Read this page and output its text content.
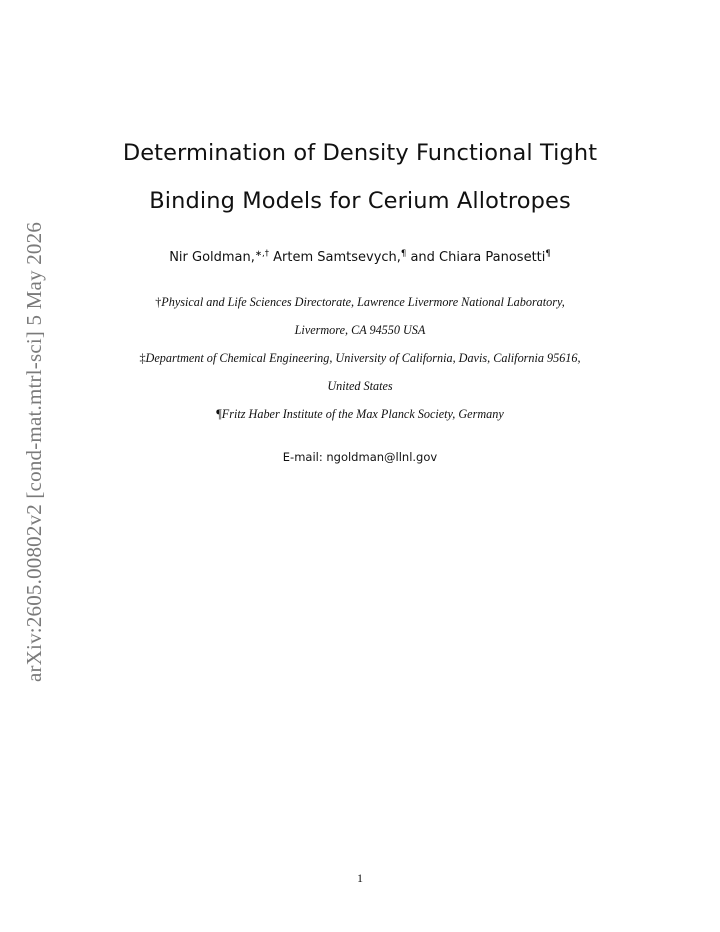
arXiv:2605.00802v2 [cond-mat.mtrl-sci] 5 May 2026
Determination of Density Functional Tight
Binding Models for Cerium Allotropes
Nir Goldman,∗,† Artem Samtsevych,¶ and Chiara Panosetti¶
†Physical and Life Sciences Directorate, Lawrence Livermore National Laboratory,
Livermore, CA 94550 USA
‡Department of Chemical Engineering, University of California, Davis, California 95616,
United States
¶Fritz Haber Institute of the Max Planck Society, Germany
E-mail: ngoldman@llnl.gov
1
